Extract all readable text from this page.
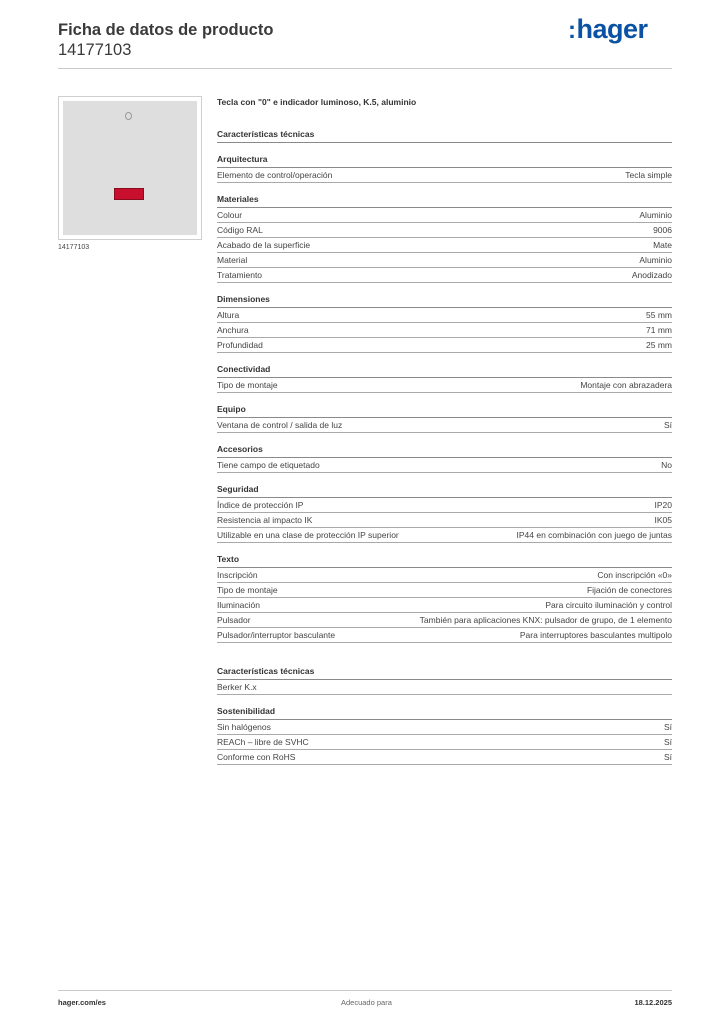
Ficha de datos de producto
14177103
:hager
14177103
Tecla con "0" e indicador luminoso, K.5, aluminio
Características técnicas
Arquitectura
Elemento de control/operación	Tecla simple
Materiales
Colour	Aluminio
Código RAL	9006
Acabado de la superficie	Mate
Material	Aluminio
Tratamiento	Anodizado
Dimensiones
Altura	55 mm
Anchura	71 mm
Profundidad	25 mm
Conectividad
Tipo de montaje	Montaje con abrazadera
Equipo
Ventana de control / salida de luz	Sí
Accesorios
Tiene campo de etiquetado	No
Seguridad
Índice de protección IP	IP20
Resistencia al impacto IK	IK05
Utilizable en una clase de protección IP superior	IP44 en combinación con juego de juntas
Texto
Inscripción	Con inscripción «0»
Tipo de montaje	Fijación de conectores
Iluminación	Para circuito iluminación y control
Pulsador	También para aplicaciones KNX: pulsador de grupo, de 1 elemento
Pulsador/interruptor basculante	Para interruptores basculantes multipolo
Características técnicas
Berker K.x
Sostenibilidad
Sin halógenos	Sí
REACh – libre de SVHC	Sí
Conforme con RoHS	Sí
hager.com/es	Adecuado para	18.12.2025
